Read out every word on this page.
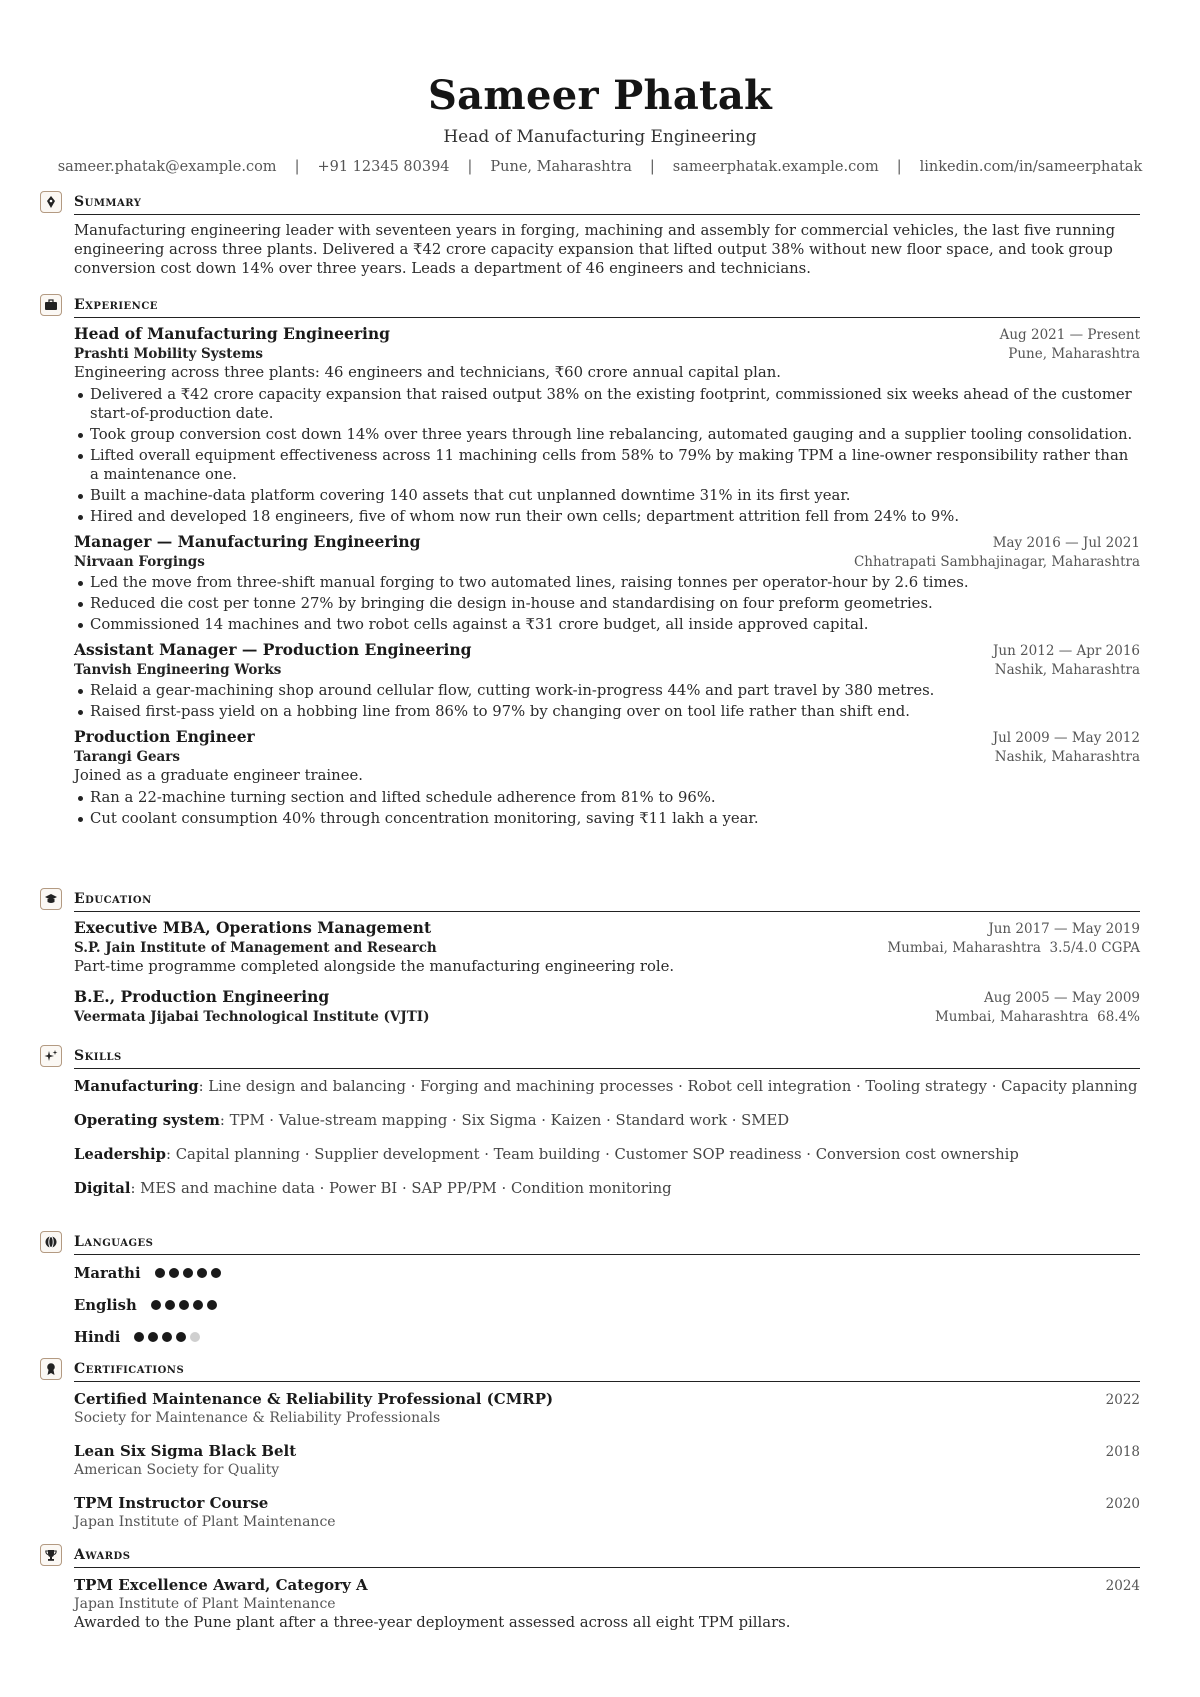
Sameer Phatak
Head of Manufacturing Engineering
sameer.phatak@example.com | +91 12345 80394 | Pune, Maharashtra | sameerphatak.example.com | linkedin.com/in/sameerphatak
Summary
Manufacturing engineering leader with seventeen years in forging, machining and assembly for commercial vehicles, the last five running engineering across three plants. Delivered a ₹42 crore capacity expansion that lifted output 38% without new floor space, and took group conversion cost down 14% over three years. Leads a department of 46 engineers and technicians.
Experience
Head of Manufacturing Engineering	Aug 2021 — Present
Prashti Mobility Systems	Pune, Maharashtra
Engineering across three plants: 46 engineers and technicians, ₹60 crore annual capital plan.
Delivered a ₹42 crore capacity expansion that raised output 38% on the existing footprint, commissioned six weeks ahead of the customer start-of-production date.
Took group conversion cost down 14% over three years through line rebalancing, automated gauging and a supplier tooling consolidation.
Lifted overall equipment effectiveness across 11 machining cells from 58% to 79% by making TPM a line-owner responsibility rather than a maintenance one.
Built a machine-data platform covering 140 assets that cut unplanned downtime 31% in its first year.
Hired and developed 18 engineers, five of whom now run their own cells; department attrition fell from 24% to 9%.
Manager — Manufacturing Engineering	May 2016 — Jul 2021
Nirvaan Forgings	Chhatrapati Sambhajinagar, Maharashtra
Led the move from three-shift manual forging to two automated lines, raising tonnes per operator-hour by 2.6 times.
Reduced die cost per tonne 27% by bringing die design in-house and standardising on four preform geometries.
Commissioned 14 machines and two robot cells against a ₹31 crore budget, all inside approved capital.
Assistant Manager — Production Engineering	Jun 2012 — Apr 2016
Tanvish Engineering Works	Nashik, Maharashtra
Relaid a gear-machining shop around cellular flow, cutting work-in-progress 44% and part travel by 380 metres.
Raised first-pass yield on a hobbing line from 86% to 97% by changing over on tool life rather than shift end.
Production Engineer	Jul 2009 — May 2012
Tarangi Gears	Nashik, Maharashtra
Joined as a graduate engineer trainee.
Ran a 22-machine turning section and lifted schedule adherence from 81% to 96%.
Cut coolant consumption 40% through concentration monitoring, saving ₹11 lakh a year.
Education
Executive MBA, Operations Management	Jun 2017 — May 2019
S.P. Jain Institute of Management and Research	Mumbai, Maharashtra 3.5/4.0 CGPA
Part-time programme completed alongside the manufacturing engineering role.
B.E., Production Engineering	Aug 2005 — May 2009
Veermata Jijabai Technological Institute (VJTI)	Mumbai, Maharashtra 68.4%
Skills
Manufacturing: Line design and balancing · Forging and machining processes · Robot cell integration · Tooling strategy · Capacity planning
Operating system: TPM · Value-stream mapping · Six Sigma · Kaizen · Standard work · SMED
Leadership: Capital planning · Supplier development · Team building · Customer SOP readiness · Conversion cost ownership
Digital: MES and machine data · Power BI · SAP PP/PM · Condition monitoring
Languages
Marathi
English
Hindi
Certifications
Certified Maintenance & Reliability Professional (CMRP)	2022
Society for Maintenance & Reliability Professionals
Lean Six Sigma Black Belt	2018
American Society for Quality
TPM Instructor Course	2020
Japan Institute of Plant Maintenance
Awards
TPM Excellence Award, Category A	2024
Japan Institute of Plant Maintenance
Awarded to the Pune plant after a three-year deployment assessed across all eight TPM pillars.
